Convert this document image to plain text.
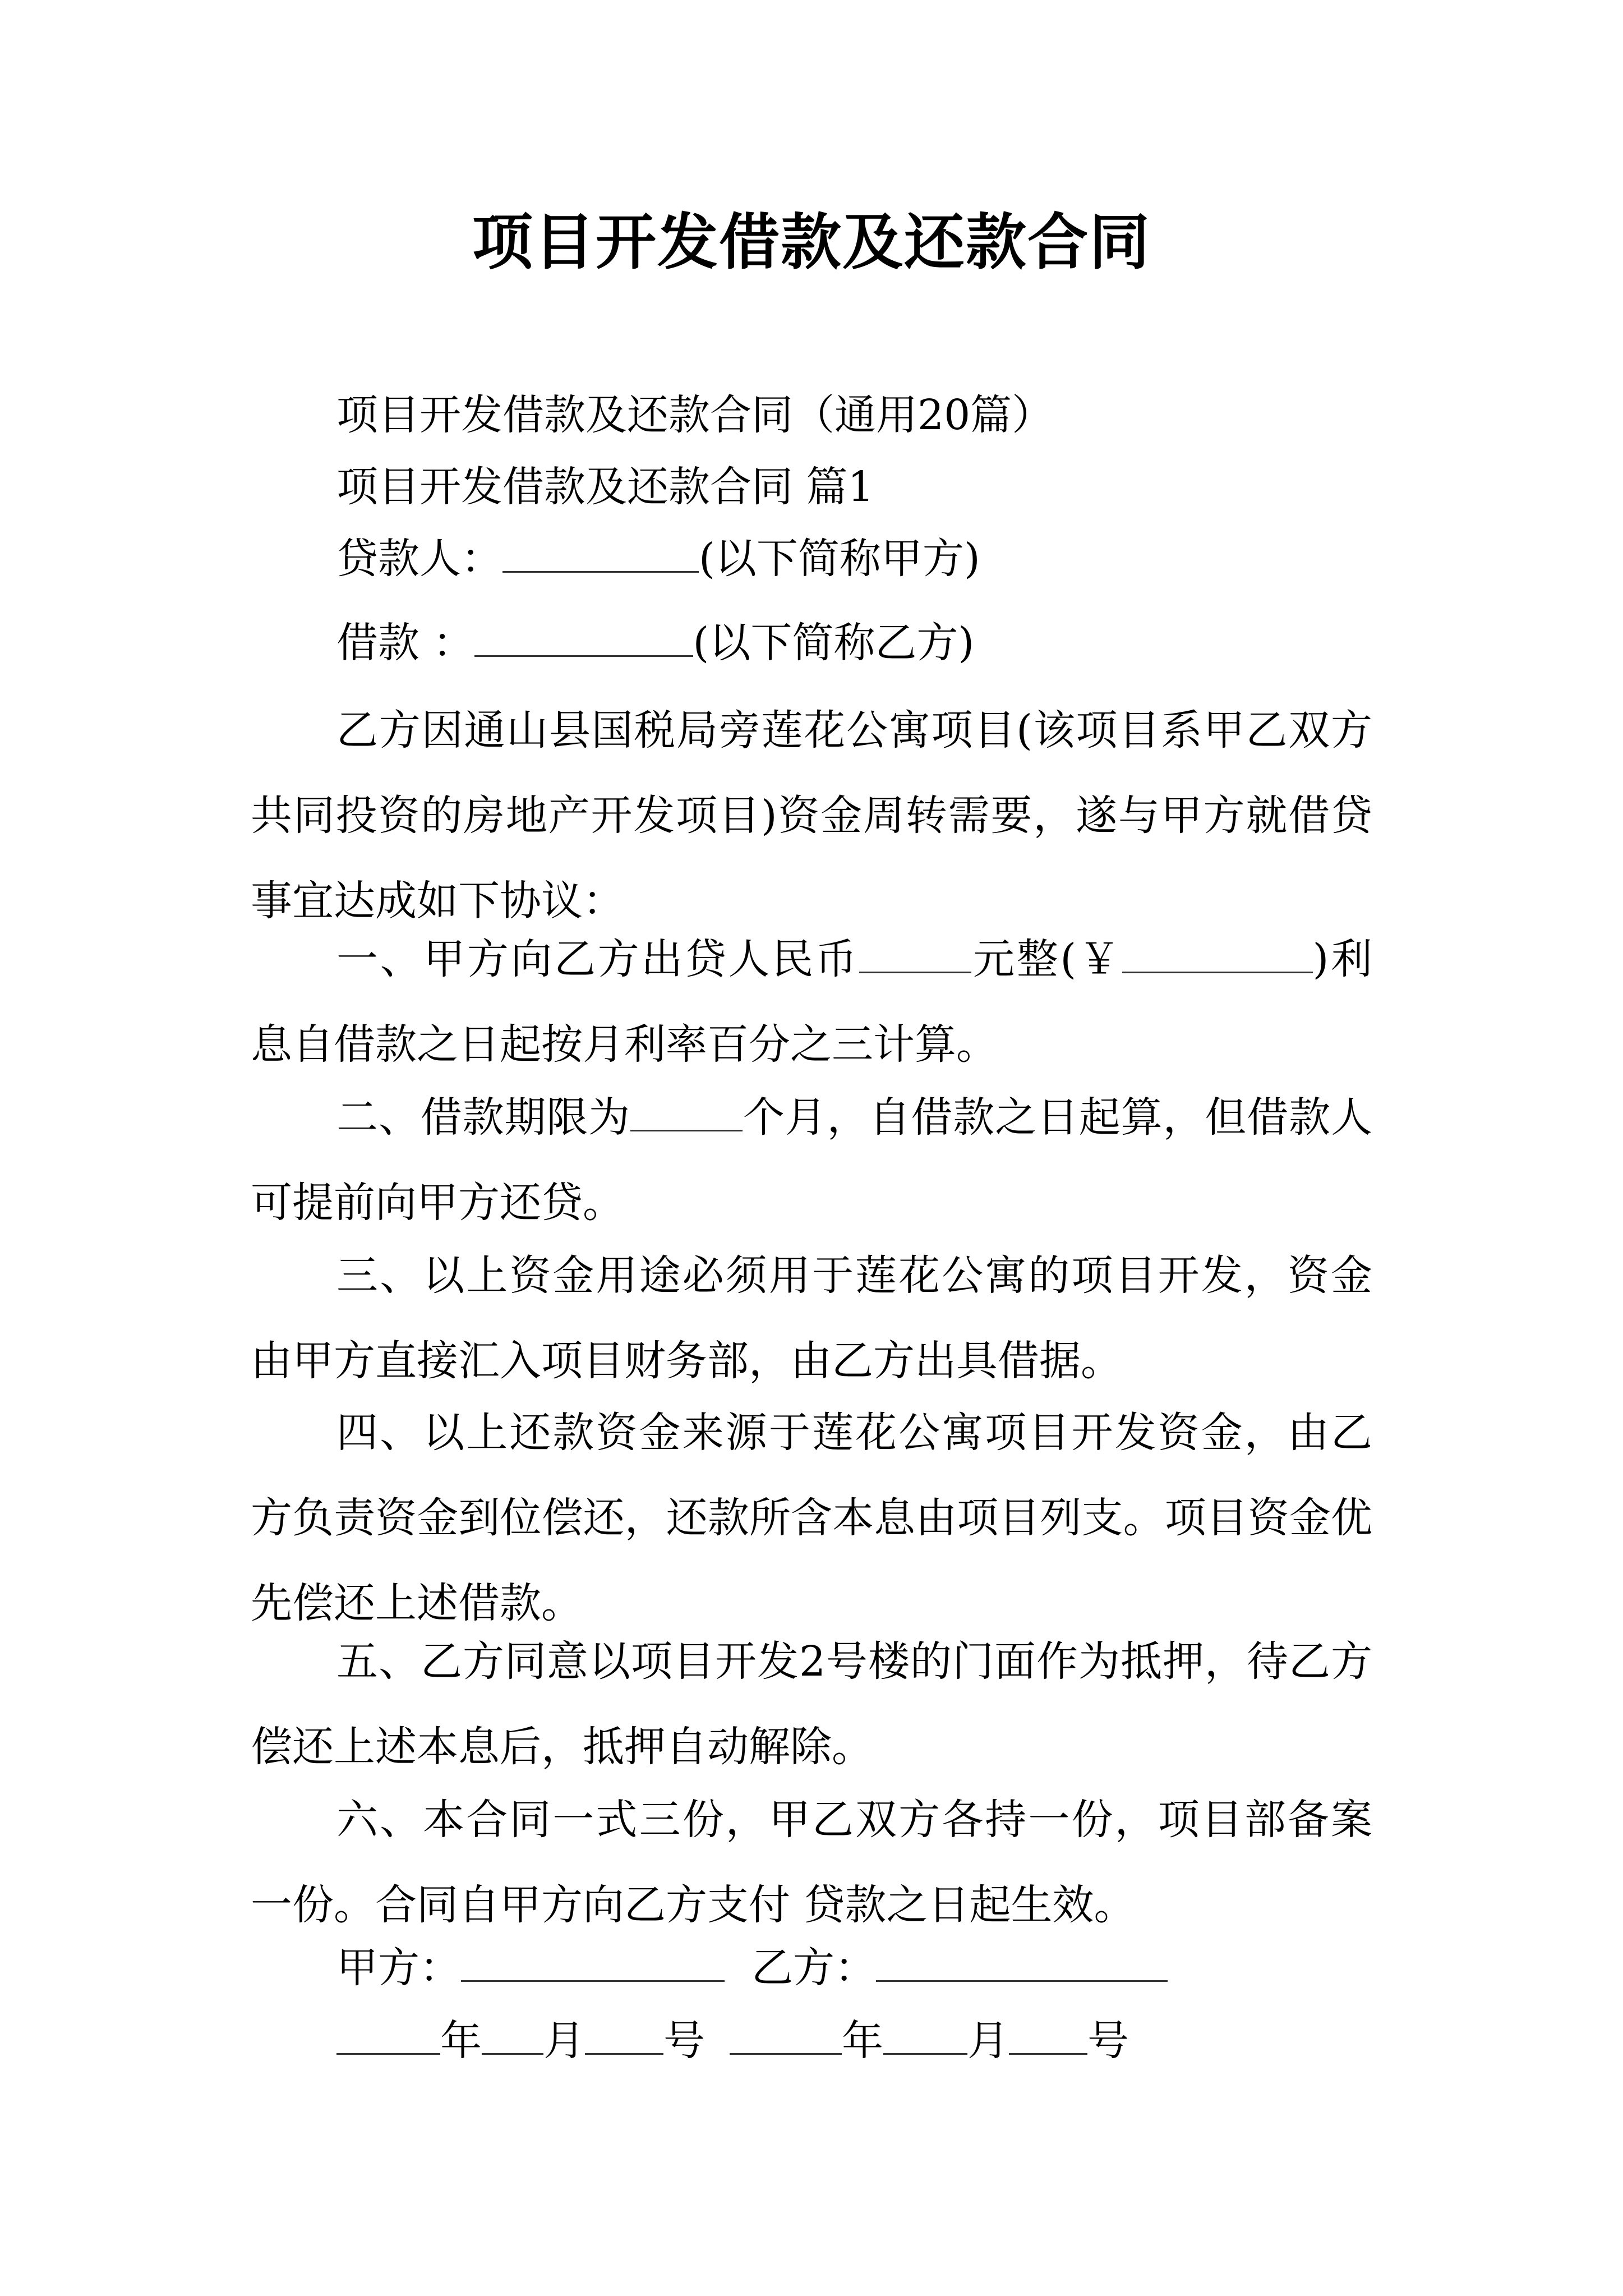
项目开发借款及还款合同
项目开发借款及还款合同（通用20篇）
项目开发借款及还款合同 篇1
贷款人：	(以下简称甲方)
借款 ：	(以下简称乙方)
乙方因通山县国税局旁莲花公寓项目(该项目系甲乙双方共同投资的房地产开发项目)资金周转需要，遂与甲方就借贷事宜达成如下协议：
一、甲方向乙方出贷人民币	元整(￥	)利息自借款之日起按月利率百分之三计算。
二、借款期限为	个月，自借款之日起算，但借款人可提前向甲方还贷。
三、以上资金用途必须用于莲花公寓的项目开发，资金由甲方直接汇入项目财务部，由乙方出具借据。
四、以上还款资金来源于莲花公寓项目开发资金，由乙方负责资金到位偿还，还款所含本息由项目列支。项目资金优先偿还上述借款。
五、乙方同意以项目开发2号楼的门面作为抵押，待乙方偿还上述本息后，抵押自动解除。
六、本合同一式三份，甲乙双方各持一份，项目部备案一份。合同自甲方向乙方支付 贷款之日起生效。
甲方：	乙方：
年 月 号	年 月 号
